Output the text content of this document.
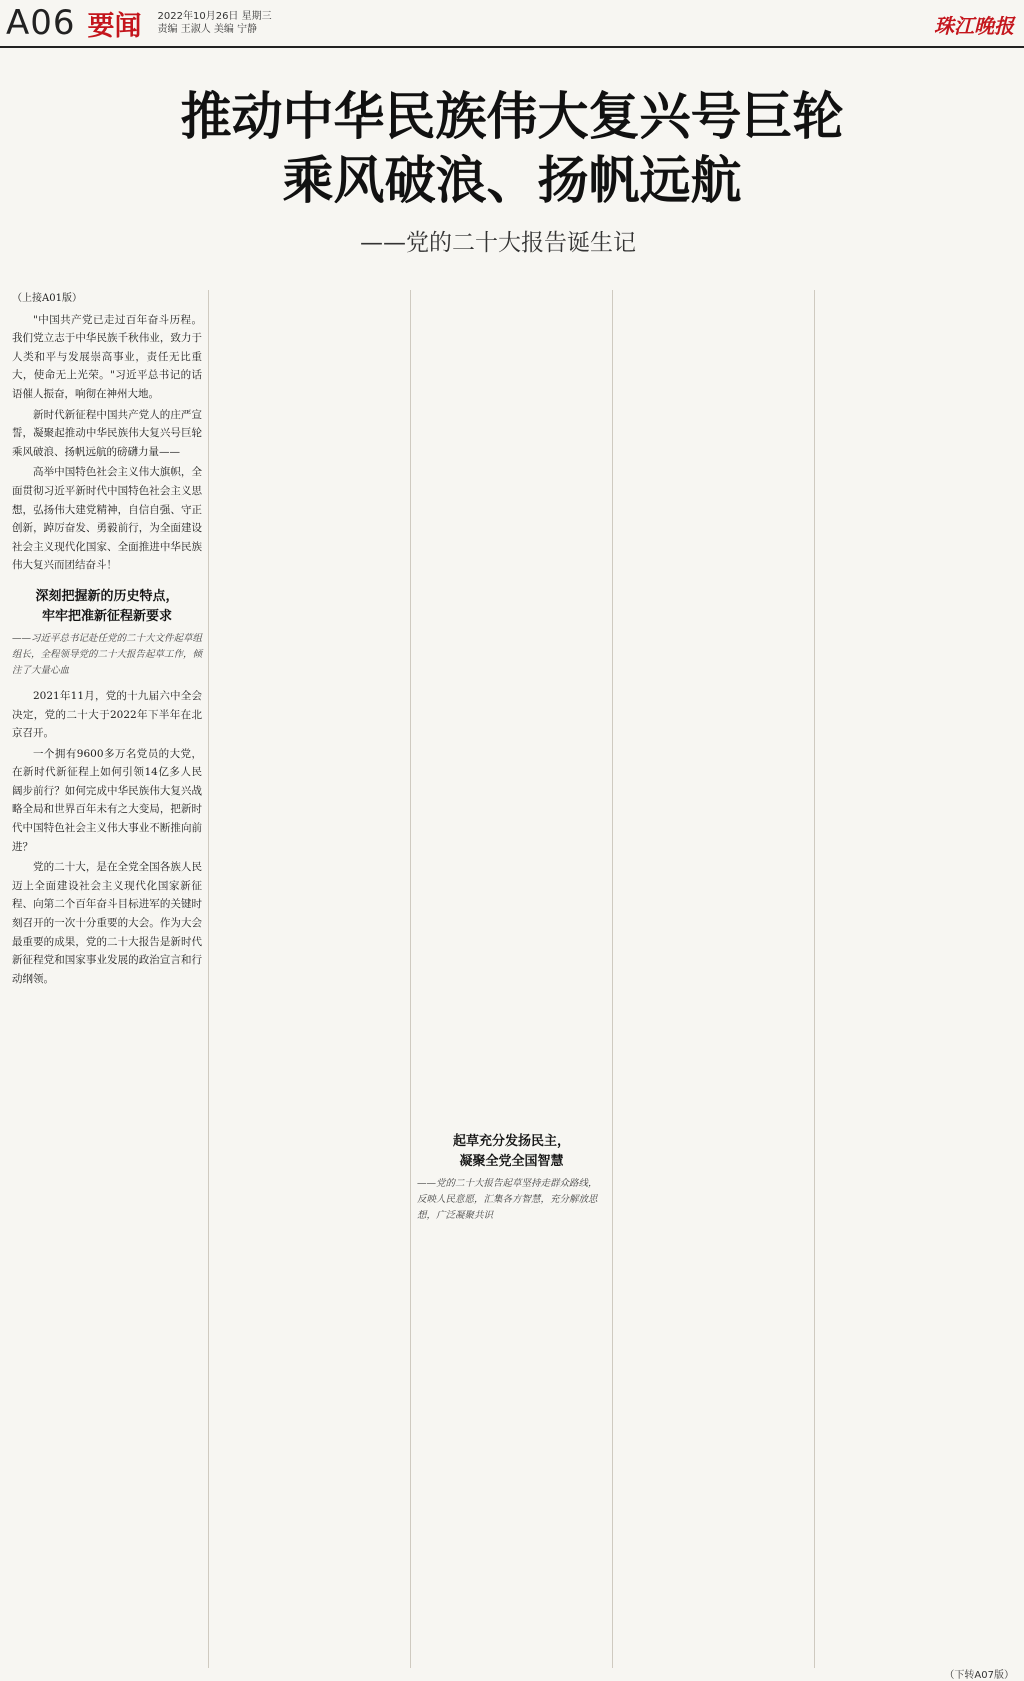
A06 要闻 2022年10月26日 星期三
责编 王淑人 美编 宁静	珠江晚报
推动中华民族伟大复兴号巨轮
乘风破浪、扬帆远航
——党的二十大报告诞生记

（上接A01版）

"中国共产党已走过百年奋斗历程。我们党立志于中华民族千秋伟业，致力于人类和平与发展崇高事业，责任无比重大，使命无上光荣。"习近平总书记的话语催人振奋，响彻在神州大地。

新时代新征程中国共产党人的庄严宣誓，凝聚起推动中华民族伟大复兴号巨轮乘风破浪、扬帆远航的磅礴力量——

高举中国特色社会主义伟大旗帜，全面贯彻习近平新时代中国特色社会主义思想，弘扬伟大建党精神，自信自强、守正创新，踔厉奋发、勇毅前行，为全面建设社会主义现代化国家、全面推进中华民族伟大复兴而团结奋斗！

深刻把握新的历史特点，
牢牢把准新征程新要求
——习近平总书记赴任党的二十大文件起草组组长，全程领导党的二十大报告起草工作，倾注了大量心血

2021年11月，党的十九届六中全会决定，党的二十大于2022年下半年在北京召开。

一个拥有9600多万名党员的大党，在新时代新征程上如何引领14亿多人民阔步前行？如何完成中华民族伟大复兴战略全局和世界百年未有之大变局，把新时代中国特色社会主义伟大事业不断推向前进？

党的二十大，是在全党全国各族人民迈上全面建设社会主义现代化国家新征程、向第二个百年奋斗目标进军的关键时刻召开的一次十分重要的大会。作为大会最重要的成果，党的二十大报告是新时代新征程党和国家事业发展的政治宣言和行动纲领。

起草充分发扬民主，
凝聚全党全国智慧
——党的二十大报告起草坚持走群众路线，反映人民意愿，汇集各方智慧，充分解放思想，广泛凝聚共识
（下转A07版）
